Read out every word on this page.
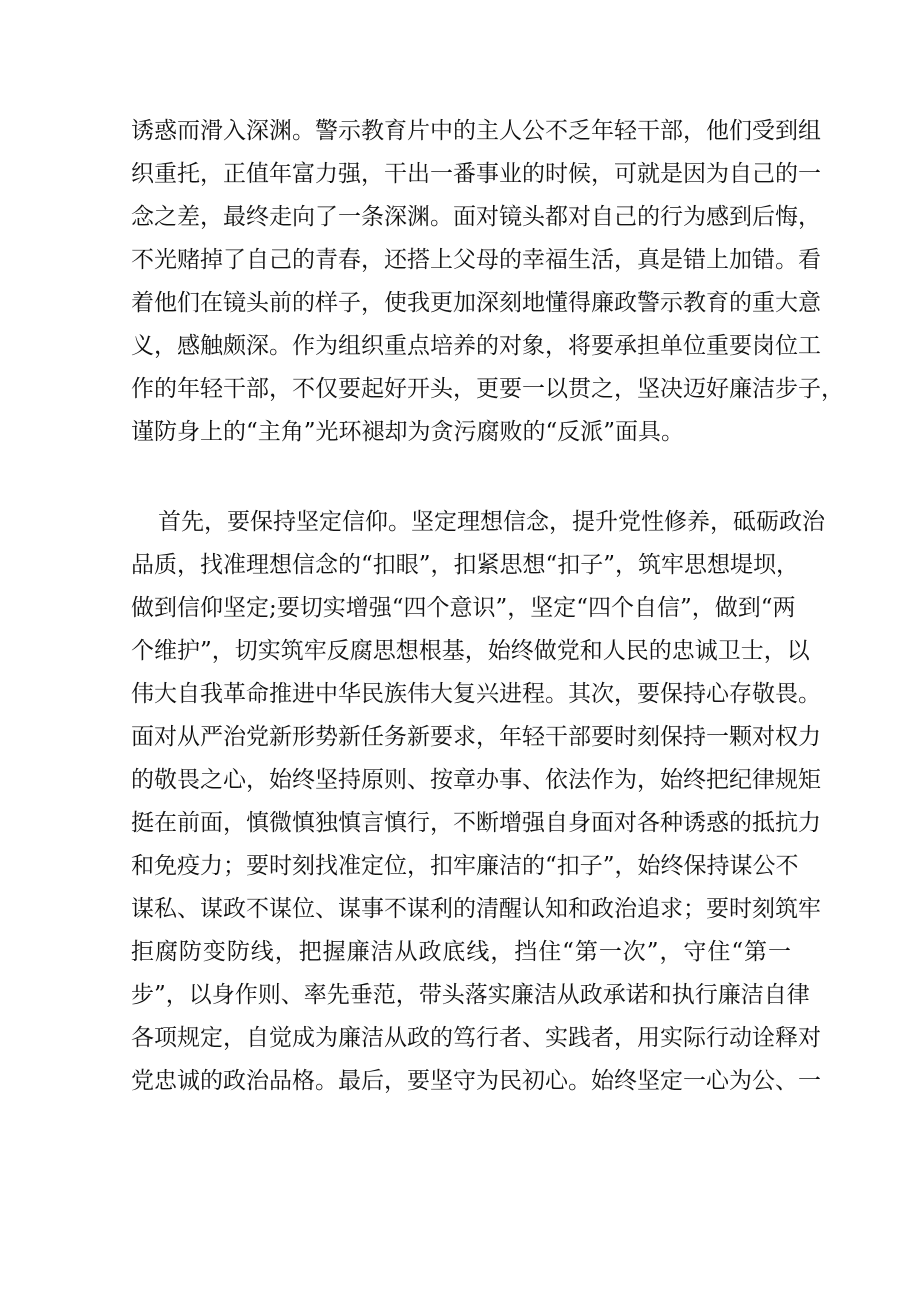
诱惑而滑入深渊。警示教育片中的主人公不乏年轻干部，他们受到组
织重托，正值年富力强，干出一番事业的时候，可就是因为自己的一
念之差，最终走向了一条深渊。面对镜头都对自己的行为感到后悔，
不光赌掉了自己的青春，还搭上父母的幸福生活，真是错上加错。看
着他们在镜头前的样子，使我更加深刻地懂得廉政警示教育的重大意
义，感触颇深。作为组织重点培养的对象，将要承担单位重要岗位工
作的年轻干部，不仅要起好开头，更要一以贯之，坚决迈好廉洁步子，
谨防身上的“主角”光环褪却为贪污腐败的“反派”面具。
首先，要保持坚定信仰。坚定理想信念，提升党性修养，砥砺政治
品质，找准理想信念的“扣眼”，扣紧思想“扣子”，筑牢思想堤坝，
做到信仰坚定;要切实增强“四个意识”，坚定“四个自信”，做到“两
个维护”，切实筑牢反腐思想根基，始终做党和人民的忠诚卫士，以
伟大自我革命推进中华民族伟大复兴进程。其次，要保持心存敬畏。
面对从严治党新形势新任务新要求，年轻干部要时刻保持一颗对权力
的敬畏之心，始终坚持原则、按章办事、依法作为，始终把纪律规矩
挺在前面，慎微慎独慎言慎行，不断增强自身面对各种诱惑的抵抗力
和免疫力；要时刻找准定位，扣牢廉洁的“扣子”，始终保持谋公不
谋私、谋政不谋位、谋事不谋利的清醒认知和政治追求；要时刻筑牢
拒腐防变防线，把握廉洁从政底线，挡住“第一次”，守住“第一
步”，以身作则、率先垂范，带头落实廉洁从政承诺和执行廉洁自律
各项规定，自觉成为廉洁从政的笃行者、实践者，用实际行动诠释对
党忠诚的政治品格。最后，要坚守为民初心。始终坚定一心为公、一
